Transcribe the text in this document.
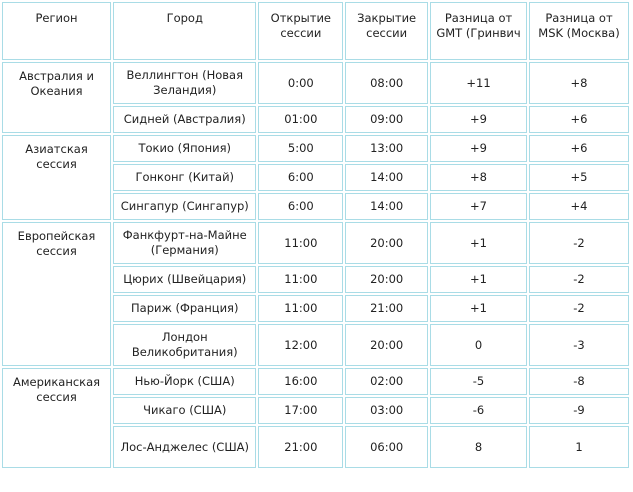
Регион	Город	Открытие сессии	Закрытие сессии	Разница от GMT (Гринвич	Разница от MSK (Москва)
Австралия и Океания	Веллингтон (Новая Зеландия)	0:00	08:00	+11	+8
	Сидней (Австралия)	01:00	09:00	+9	+6
Азиатская сессия	Токио (Япония)	5:00	13:00	+9	+6
	Гонконг (Китай)	6:00	14:00	+8	+5
	Сингапур (Сингапур)	6:00	14:00	+7	+4
Европейская сессия	Фанкфурт-на-Майне (Германия)	11:00	20:00	+1	-2
	Цюрих (Швейцария)	11:00	20:00	+1	-2
	Париж (Франция)	11:00	21:00	+1	-2
	Лондон Великобритания)	12:00	20:00	0	-3
Американская сессия	Нью-Йорк (США)	16:00	02:00	-5	-8
	Чикаго (США)	17:00	03:00	-6	-9
	Лос-Анджелес (США)	21:00	06:00	8	1
